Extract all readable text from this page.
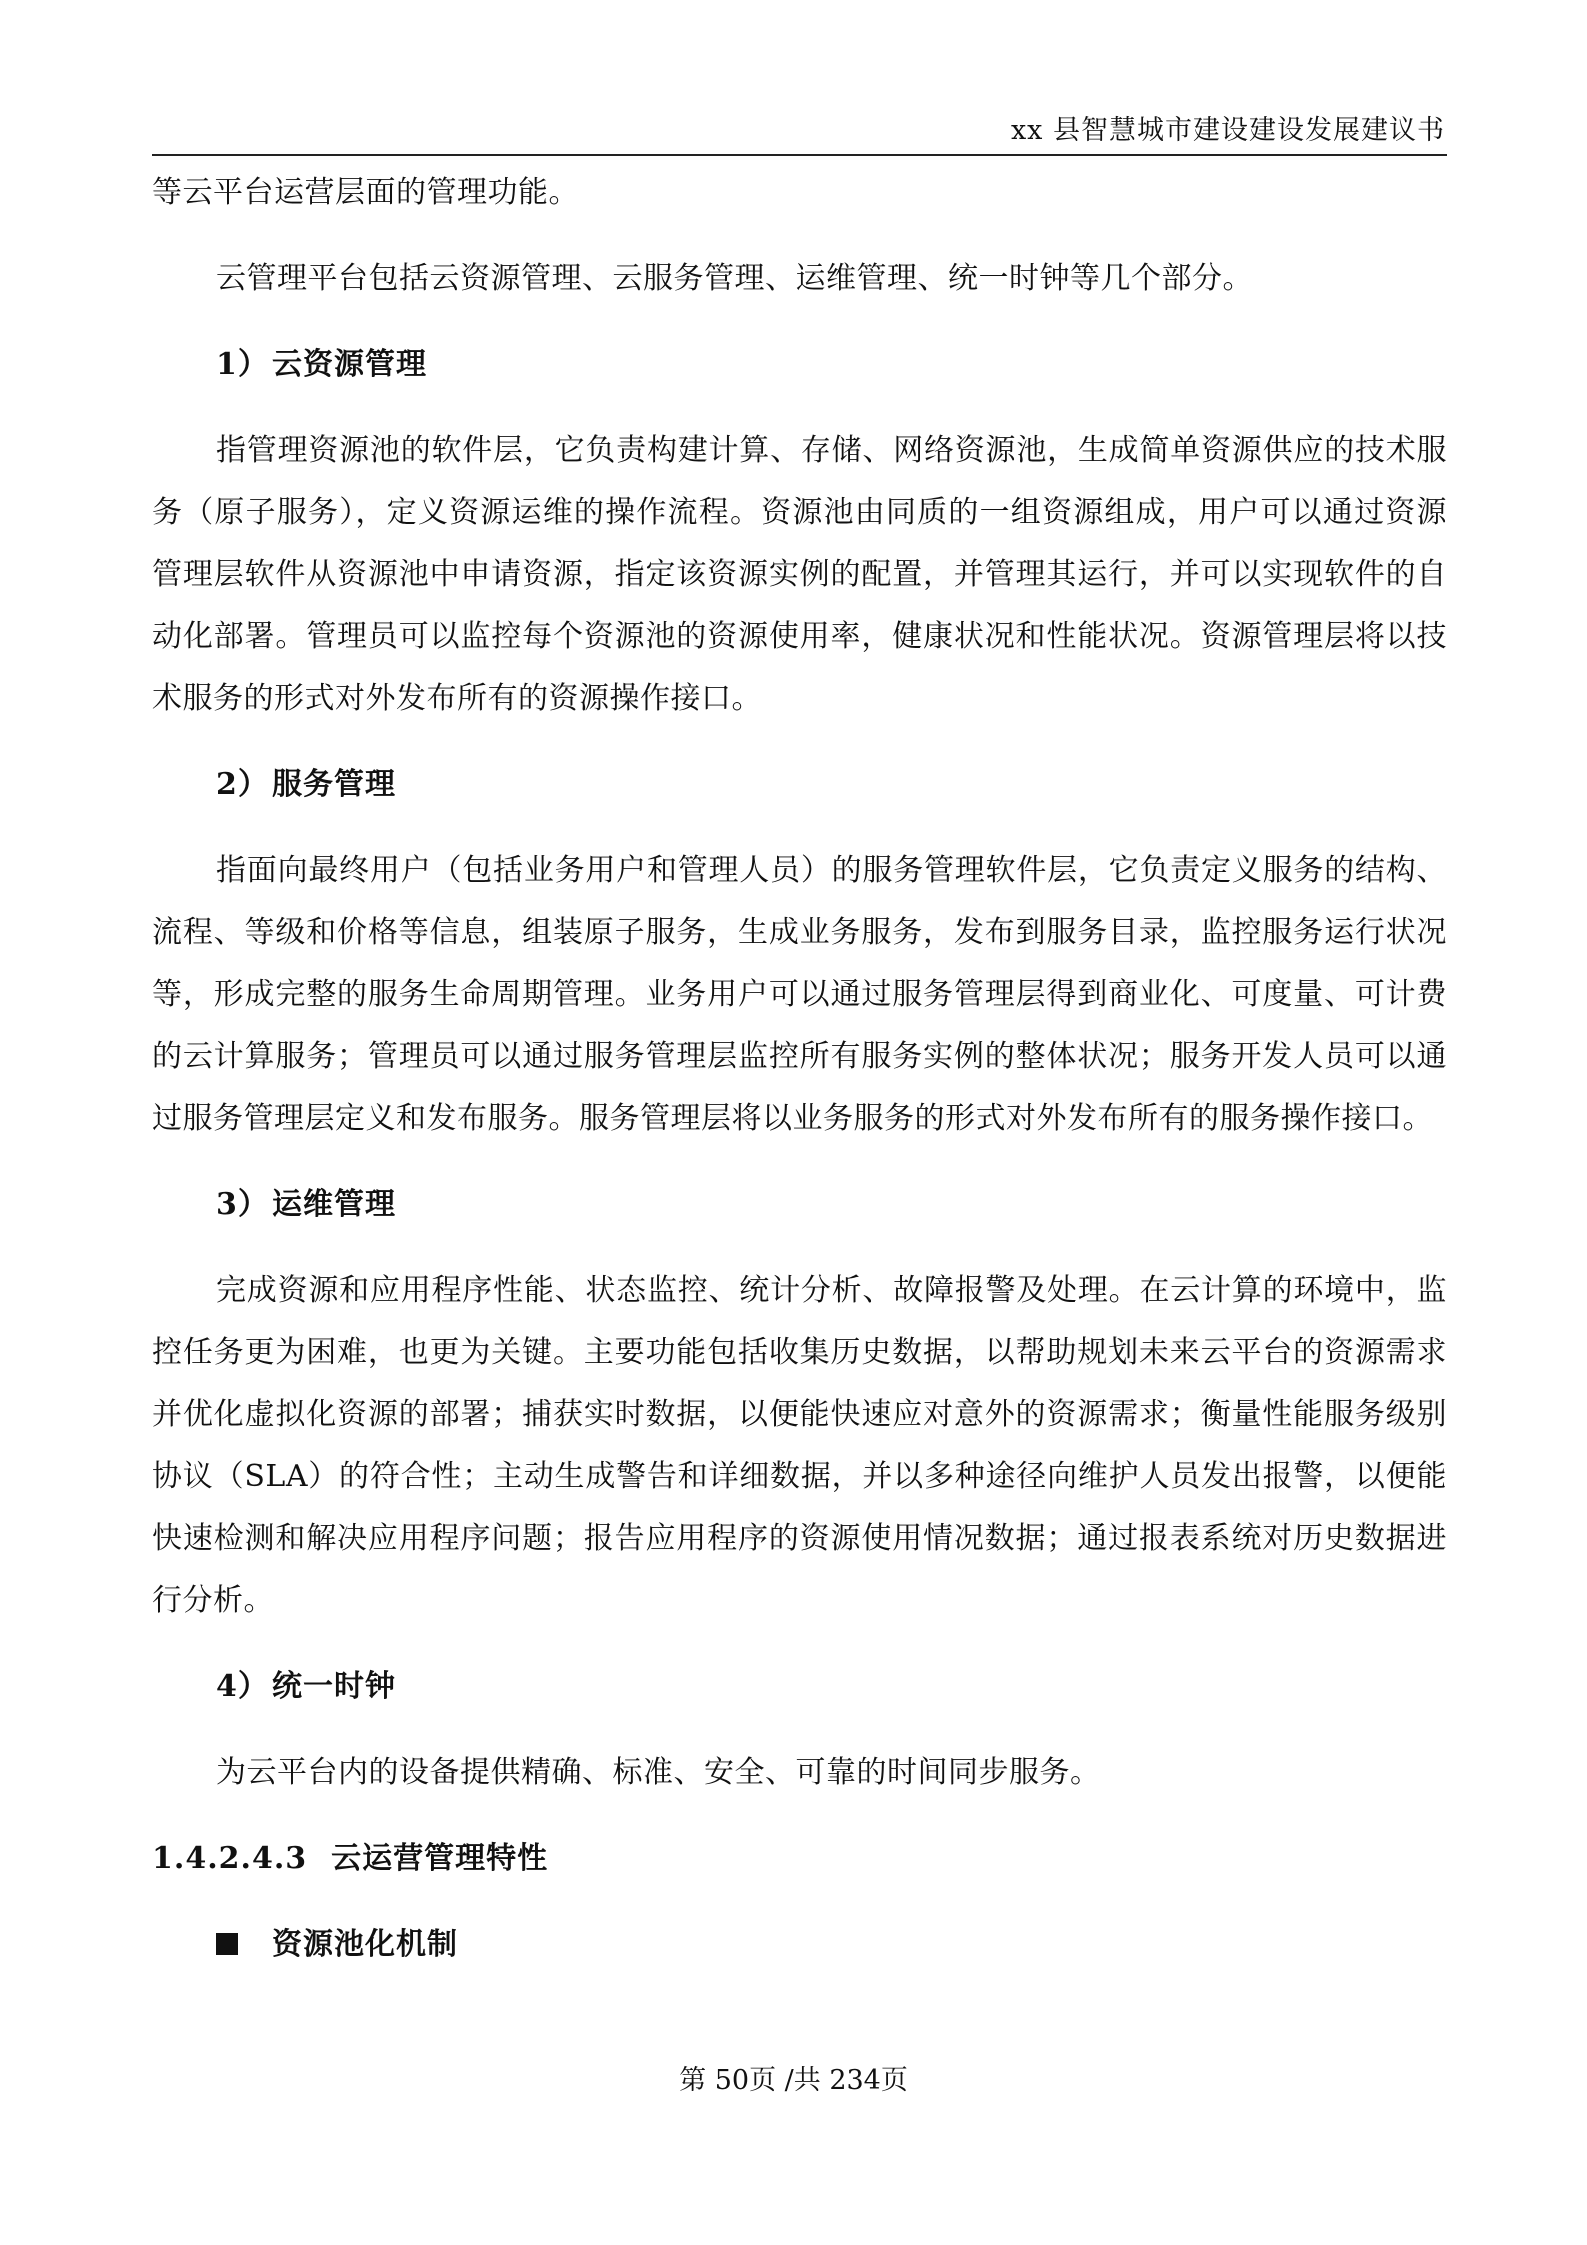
xx 县智慧城市建设建设发展建议书

等云平台运营层面的管理功能。

云管理平台包括云资源管理、云服务管理、运维管理、统一时钟等几个部分。

1） 云资源管理

指管理资源池的软件层，它负责构建计算、存储、网络资源池，生成简单资源供应的技术服务（原子服务），定义资源运维的操作流程。资源池由同质的一组资源组成，用户可以通过资源管理层软件从资源池中申请资源，指定该资源实例的配置，并管理其运行，并可以实现软件的自动化部署。管理员可以监控每个资源池的资源使用率，健康状况和性能状况。资源管理层将以技术服务的形式对外发布所有的资源操作接口。

2） 服务管理

指面向最终用户（包括业务用户和管理人员）的服务管理软件层，它负责定义服务的结构、流程、等级和价格等信息，组装原子服务，生成业务服务，发布到服务目录，监控服务运行状况等，形成完整的服务生命周期管理。业务用户可以通过服务管理层得到商业化、可度量、可计费的云计算服务；管理员可以通过服务管理层监控所有服务实例的整体状况；服务开发人员可以通过服务管理层定义和发布服务。服务管理层将以业务服务的形式对外发布所有的服务操作接口。

3） 运维管理

完成资源和应用程序性能、状态监控、统计分析、故障报警及处理。在云计算的环境中，监控任务更为困难，也更为关键。主要功能包括收集历史数据，以帮助规划未来云平台的资源需求并优化虚拟化资源的部署；捕获实时数据，以便能快速应对意外的资源需求；衡量性能服务级别协议（SLA）的符合性；主动生成警告和详细数据，并以多种途径向维护人员发出报警，以便能快速检测和解决应用程序问题；报告应用程序的资源使用情况数据；通过报表系统对历史数据进行分析。

4） 统一时钟

为云平台内的设备提供精确、标准、安全、可靠的时间同步服务。

1.4.2.4.3 云运营管理特性
资源池化机制
第 50页 /共 234页
